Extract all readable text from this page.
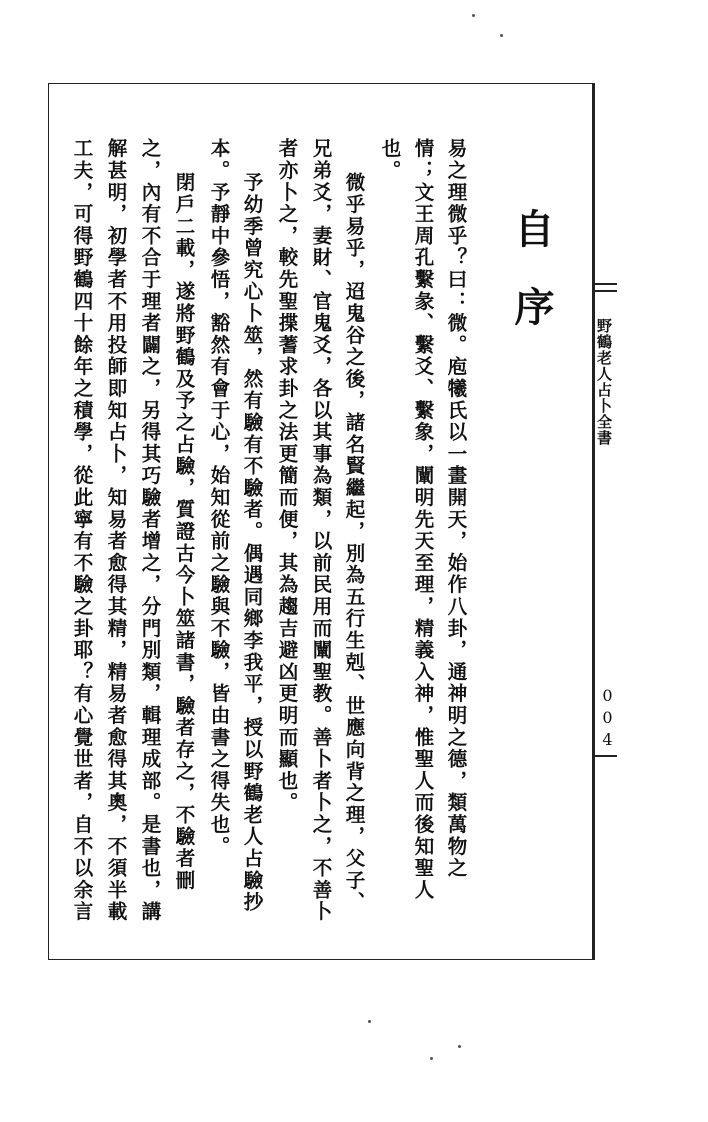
自序
野鶴老人占卜全書
004
易之理微乎？曰：微。庖犧氏以一畫開天，始作八卦，通神明之德，類萬物之
情；文王周孔繫彖、繫爻、繫象，闡明先天至理，精義入神，惟聖人而後知聖人
也。
微乎易乎，迢鬼谷之後，諸名賢繼起，別為五行生剋、世應向背之理，父子、
兄弟爻，妻財、官鬼爻，各以其事為類，以前民用而闡聖教。善卜者卜之，不善卜
者亦卜之，較先聖揲蓍求卦之法更簡而便，其為趨吉避凶更明而顯也。
予幼季曾究心卜筮，然有驗有不驗者。偶遇同鄉李我平，授以野鶴老人占驗抄
本。予靜中參悟，豁然有會于心，始知從前之驗與不驗，皆由書之得失也。
閉戶二載，遂將野鶴及予之占驗，質證古今卜筮諸書，驗者存之，不驗者刪
之，內有不合于理者闢之，另得其巧驗者增之，分門別類，輯理成部。是書也，講
解甚明，初學者不用投師即知占卜，知易者愈得其精，精易者愈得其奧，不須半載
工夫，可得野鶴四十餘年之積學，從此寧有不驗之卦耶？有心覺世者，自不以余言
